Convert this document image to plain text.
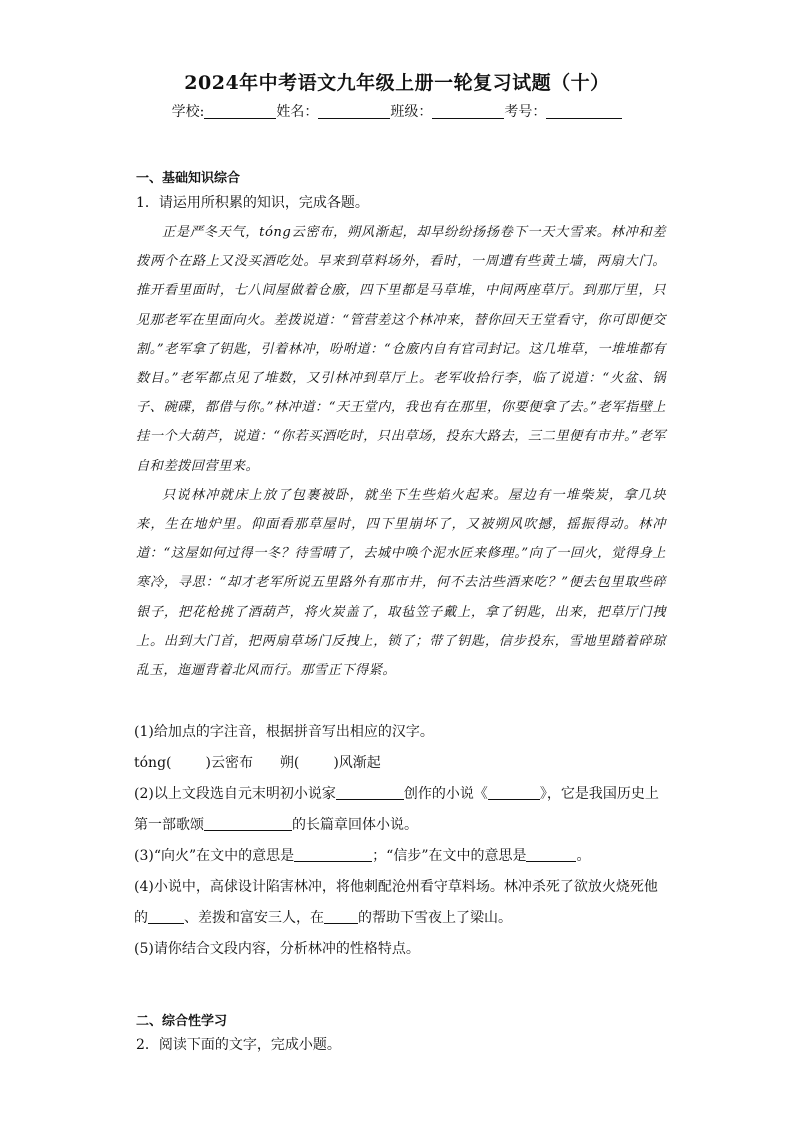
2024年中考语文九年级上册一轮复习试题（十）
学校:	姓名：	班级：	考号：
一、基础知识综合
1．请运用所积累的知识，完成各题。

正是严冬天气，tóng云密布，朔风渐起，却早纷纷扬扬卷下一天大雪来。林冲和差拨两个在路上又没买酒吃处。早来到草料场外，看时，一周遭有些黄土墙，两扇大门。推开看里面时，七八间屋做着仓廒，四下里都是马草堆，中间两座草厅。到那厅里，只见那老军在里面向火。差拨说道：“管营差这个林冲来，替你回天王堂看守，你可即便交割。”老军拿了钥匙，引着林冲，吩咐道：“仓廒内自有官司封记。这几堆草，一堆堆都有数目。”老军都点见了堆数，又引林冲到草厅上。老军收拾行李，临了说道：“火盆、锅子、碗碟，都借与你。”林冲道：“天王堂内，我也有在那里，你要便拿了去。”老军指壁上挂一个大葫芦，说道：“你若买酒吃时，只出草场，投东大路去，三二里便有市井。”老军自和差拨回营里来。

只说林冲就床上放了包裹被卧，就坐下生些焰火起来。屋边有一堆柴炭，拿几块来，生在地炉里。仰面看那草屋时，四下里崩坏了，又被朔风吹撼，摇振得动。林冲道：“这屋如何过得一冬？待雪晴了，去城中唤个泥水匠来修理。”向了一回火，觉得身上寒冷，寻思：“却才老军所说五里路外有那市井，何不去沽些酒来吃？”便去包里取些碎银子，把花枪挑了酒葫芦，将火炭盖了，取毡笠子戴上，拿了钥匙，出来，把草厅门拽上。出到大门首，把两扇草场门反拽上，锁了；带了钥匙，信步投东，雪地里踏着碎琼乱玉，迤逦背着北风而行。那雪正下得紧。

(1)给加点的字注音，根据拼音写出相应的汉字。
tóng( )云密布 朔( )风渐起
(2)以上文段选自元末明初小说家	创作的小说《	》，它是我国历史上
第一部歌颂	的长篇章回体小说。
(3)“向火”在文中的意思是	；“信步”在文中的意思是	。
(4)小说中，高俅设计陷害林冲，将他刺配沧州看守草料场。林冲杀死了欲放火烧死他
的	、差拨和富安三人，在 的帮助下雪夜上了梁山。
(5)请你结合文段内容，分析林冲的性格特点。
二、综合性学习
2．阅读下面的文字，完成小题。
